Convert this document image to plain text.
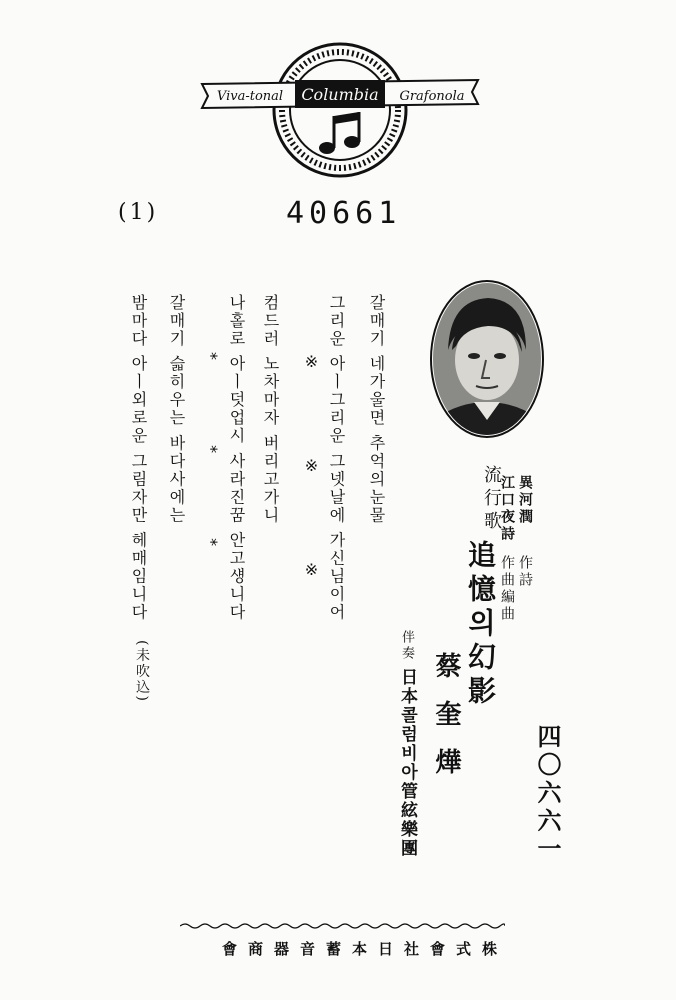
Columbia
Viva-tonal	Grafonola
(1)	40661
갈매기 네가울면 추억의눈물
그리운 아ㅣ그리운 그넷날에 가신님이어
※ ※ ※
컴드러 노차마자 버리고가니
나홀로 아ㅣ덧업시 사라진꿈 안고섕니다
* * *
갈매기 슯히우는 바다사에는
밤마다 아ㅣ외로운 그림자만 헤매임니다
(未吹込)
流行歌
追憶의幻影
異河潤
作詩
江口夜詩
作曲編曲
蔡奎燁
伴奏
日本콜럼비아管絃樂團	四〇六六一
株式會社日本蓄音器商會
